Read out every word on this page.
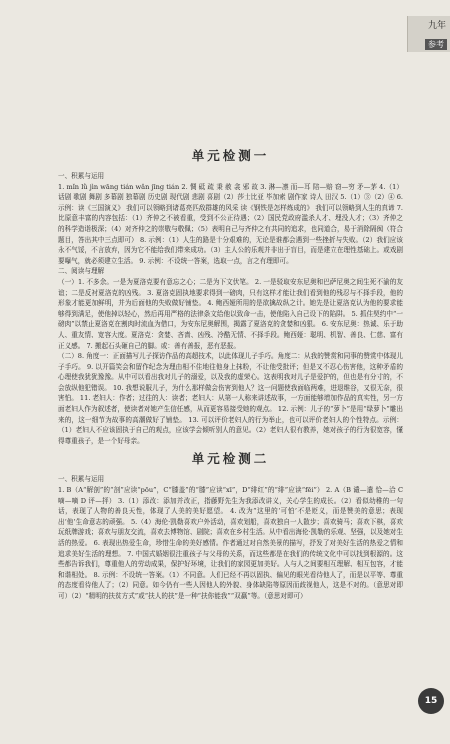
九年
参考
单元检测一

一、积累与运用

1. mǐn lǜ jìn wāng tián wǎn jīng tián 2. 惆 砥 疏 秉 赦 衾 邪 故 3. 淋—凛 而—耳 陪—赔 窃—穷 矛—茅 4.（1）话剧 歌剧 舞剧 多幕剧 独幕剧 历史剧 现代剧 悲剧 喜剧（2）莎士比亚 毕加索 剧作家 诗人 田汉 5.（1）③（2）④ 6. 示例：读《三国演义》 我们可以领略到诸葛亮匹敌群雄的风采 读《钢铁是怎样炼成的》 我们可以领略到人生的真谛 7. 比原意丰富的内容包括：（1）齐仲之不被看重，受到不公正待遇；（2）国民党政府滥杀人才、埋没人才；（3）齐仲之的科学造诣极深；（4）对齐仲之的崇敬与敬佩；（5）表明自己与齐仲之有共同的追求，也同道合，易于消除隔阂（符合题目，答出其中三点即可） 8. 示例：（1）人生的路是十分艰难的，无论是谁都会遇到一些挫折与失败。（2）我们应该永不气馁，不言放弃，因为它不能给我们带来成功。（3）主人公的乐观并非出于盲目，而是建立在理性基础上。或戏剧要曝气，就必须建立生活。 9. 示例：不设统一答案，选取一点，言之有理即可。

二、阅读与理解

（一）1. 不多余。一是为夏洛克要有意忘之心；二是为下文伏笔。 2. 一是驳取安东尼奥和巴萨尼奥之间生死不渝的友谊；二是反衬夏洛克的凶残。 3. 夏洛克固执地要求得到一磅肉，只有这样才能让我们看到他的残忍与不择手段，他的形象才能更加鲜明，并为后面他的失败做好铺垫。 4. 鲍西娅所用的是欲擒故纵之计。她先是让夏洛克认为他的要求能够得到满足，使他掉以轻心，然后再用严格的法律条文给他以致命一击，使他陷入自己设下的陷阱。 5. 抓住契约中“一磅肉”以禁止夏洛克在割肉时流血为借口，为安东尼奥解围，揭露了夏洛克的贪婪和凶狠。 6. 安东尼奥：热诚、乐于助人、重友情、宽容大度。夏洛克：贪婪、吝啬、凶残、冷酷无情、不择手段。鲍西娅：聪明、机智、善良、仁慈、富有正义感。 7. 搬起石头砸自己的脚。或：善有善报，恶有恶报。

（二）8. 角度一：正面描写儿子探访作品的高超技术，以此体现儿子手巧。角度二：从我的赞赏和同事的赞赏中体现儿子手巧。 9. 以开篇笑会和留作纪念为理由相不住地往他身上抹粉，不让他受批评；但是又不忍心伤害他，这种矛盾的心理使我犹犹豫豫。从中可以看出我对儿子的溺爱，以及我的虚荣心。这表明我对儿子是爱护的，但也是有分寸的，不会放纵他犯错误。 10. 我想说服儿子，为什么那样做会伤害到他人？这一问题使我面临两难，进退维谷，又很无奈，很害怕。 11. 老妇人：作者；过往的人：读者；老妇人：从第一人称来讲述故事，一方面能够增加作品的真实性，另一方面老妇人作为叙述者，使读者对她产生信任感，从而更容易接受她的观点。 12. 示例：儿子的“萝卜”是用“绿萝卜”雕出来的，这一细节为故事的高潮做好了铺垫。 13. 可以评价老妇人的行为举止，也可以评价老妇人的个性特点。示例：（1）老妇人不应该固执于自己的观点，应该学会倾听别人的意见。（2）老妇人很有教养，她对孩子的行为很宽容，懂得尊重孩子，是一个好母亲。

单元检测二

一、积累与运用

1. B（A“解剖”的“剖”应读“pōu”，C“膝盖”的“膝”应读“xī”，D“绯红”的“绯”应读“fēi”） 2. A（B 谴—遣 恰—洽 C 嘀—嘀 D 评—抨） 3.（1）添改：添加并改正，指藤野先生为我添改讲义，关心学生的成长。（2）看似幼稚的一句话，表现了人物的善良天性，体现了人美的美好愿望。 4. 改为“这里的‘可怕’不是贬义，而是赞美的意思；表现出‘他’生命意志的顽强。 5.（4）海伦·凯勒喜欢户外活动，喜欢划船，喜欢独自一人散步；喜欢骑马；喜欢下棋，喜欢玩纸牌游戏；喜欢与朋友交流，喜欢去博物馆、剧院；喜欢在乡村生活。从中看出海伦·凯勒的乐观、坚强，以及她对生活的热爱。 6. 表现出热爱生命，珍惜生命的美好感情。作者通过对自然美景的描写，抒发了对美好生活的热爱之情和追求美好生活的理想。 7. 中国式婚姻很注重孩子与父母的关系，而这些都是在我们的传统文化中可以找到根源的。这些都告诉我们，尊重他人的劳动成果，保护好环境，让我们的家园更加美好。人与人之间要相互理解、相互包容，才能和谐相处。 8. 示例：不设统一答案。（1）不同意。人们已经不再以固执、偏见的眼光看待他人了，而是以平等、尊重的态度看待他人了；（2）同意。如今仍有一些人因他人的外貌、身体缺陷等原因而歧视他人，这是不对的。（意思对即可）（2）“精明的扶贫方式”或“扶人的扶”是一种“扶你能我”“双赢”等。（意思对即可）

15
